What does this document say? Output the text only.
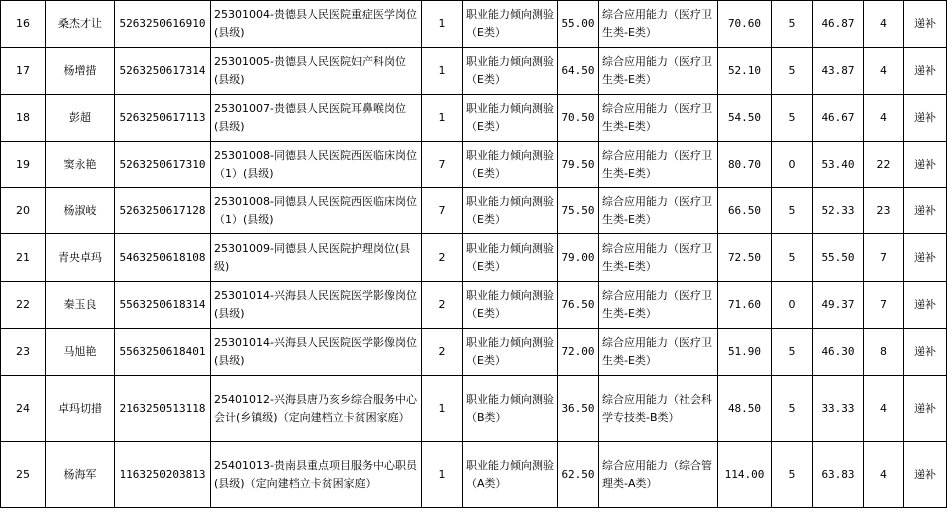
16	桑杰才让	5263250616910	25301004-贵德县人民医院重症医学岗位(县级)	1	职业能力倾向测验（E类）	55.00	综合应用能力（医疗卫生类-E类）	70.60	5	46.87	4	递补
17	杨增措	5263250617314	25301005-贵德县人民医院妇产科岗位(县级)	1	职业能力倾向测验（E类）	64.50	综合应用能力（医疗卫生类-E类）	52.10	5	43.87	4	递补
18	彭超	5263250617113	25301007-贵德县人民医院耳鼻喉岗位(县级)	1	职业能力倾向测验（E类）	70.50	综合应用能力（医疗卫生类-E类）	54.50	5	46.67	4	递补
19	窦永艳	5263250617310	25301008-同德县人民医院西医临床岗位（1）(县级)	7	职业能力倾向测验（E类）	79.50	综合应用能力（医疗卫生类-E类）	80.70	0	53.40	22	递补
20	杨淑岐	5263250617128	25301008-同德县人民医院西医临床岗位（1）(县级)	7	职业能力倾向测验（E类）	75.50	综合应用能力（医疗卫生类-E类）	66.50	5	52.33	23	递补
21	青央卓玛	5463250618108	25301009-同德县人民医院护理岗位(县级)	2	职业能力倾向测验（E类）	79.00	综合应用能力（医疗卫生类-E类）	72.50	5	55.50	7	递补
22	秦玉良	5563250618314	25301014-兴海县人民医院医学影像岗位(县级)	2	职业能力倾向测验（E类）	76.50	综合应用能力（医疗卫生类-E类）	71.60	0	49.37	7	递补
23	马旭艳	5563250618401	25301014-兴海县人民医院医学影像岗位(县级)	2	职业能力倾向测验（E类）	72.00	综合应用能力（医疗卫生类-E类）	51.90	5	46.30	8	递补
24	卓玛切措	2163250513118	25401012-兴海县唐乃亥乡综合服务中心会计(乡镇级)（定向建档立卡贫困家庭）	1	职业能力倾向测验（B类）	36.50	综合应用能力（社会科学专技类-B类）	48.50	5	33.33	4	递补
25	杨海军	1163250203813	25401013-贵南县重点项目服务中心职员(县级)（定向建档立卡贫困家庭）	1	职业能力倾向测验（A类）	62.50	综合应用能力（综合管理类-A类）	114.00	5	63.83	4	递补
